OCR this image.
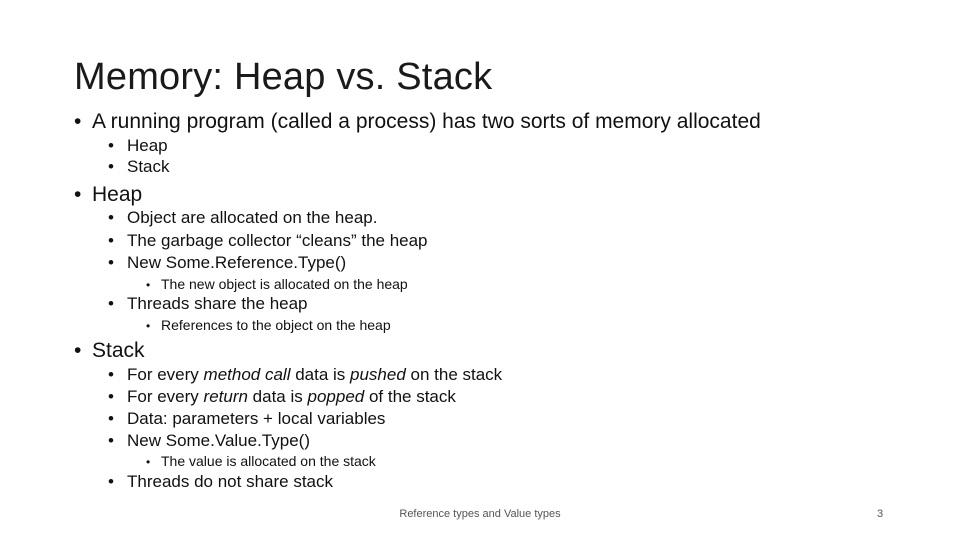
Memory: Heap vs. Stack
• A running program (called a process) has two sorts of memory allocated
• Heap
• Stack
• Heap
• Object are allocated on the heap.
• The garbage collector “cleans” the heap
• New Some.Reference.Type()
• The new object is allocated on the heap
• Threads share the heap
• References to the object on the heap
• Stack
• For every method call data is pushed on the stack
• For every return data is popped of the stack
• Data: parameters + local variables
• New Some.Value.Type()
• The value is allocated on the stack
• Threads do not share stack
Reference types and Value types	3
